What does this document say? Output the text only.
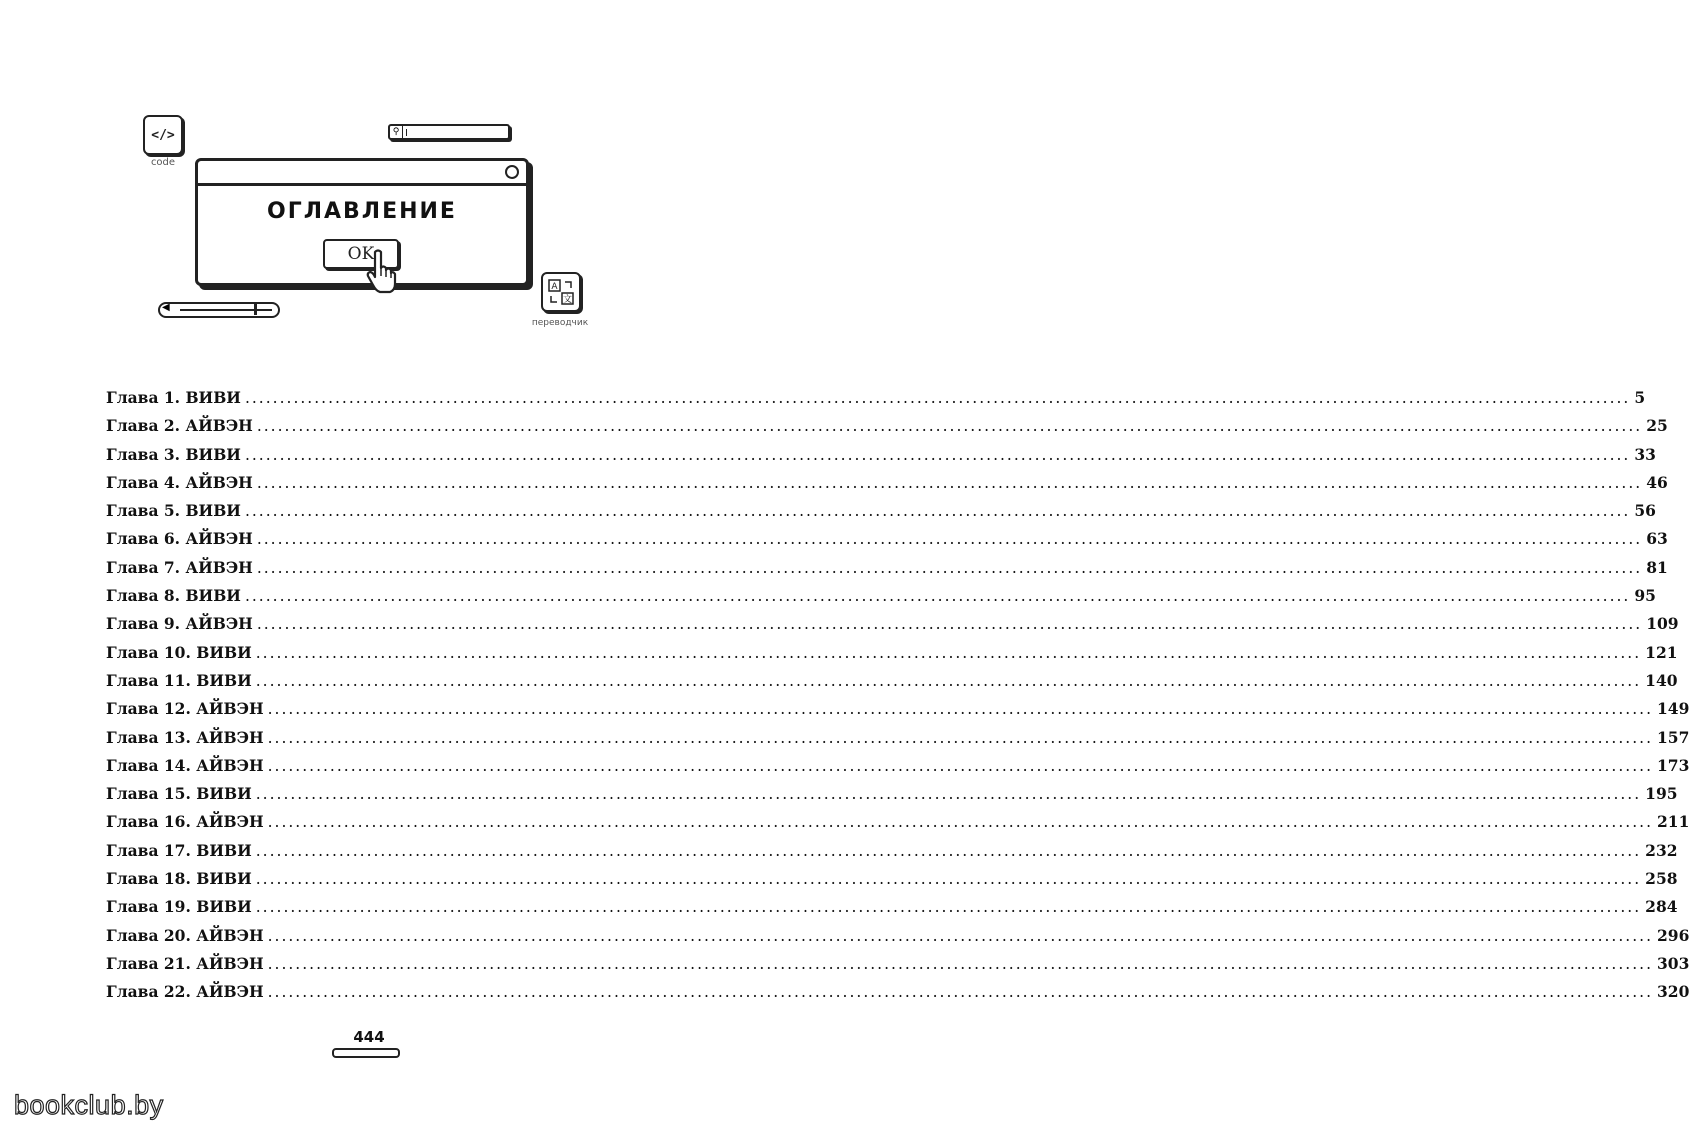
</>
code
⚲
ОГЛАВЛЕНИЕ
OK
◀
A
文
переводчик
Глава 1. ВИВИ ........................................................................................................................................................................................................ 5
Глава 2. АЙВЭН ........................................................................................................................................................................................................ 25
Глава 3. ВИВИ ........................................................................................................................................................................................................ 33
Глава 4. АЙВЭН ........................................................................................................................................................................................................ 46
Глава 5. ВИВИ ........................................................................................................................................................................................................ 56
Глава 6. АЙВЭН ........................................................................................................................................................................................................ 63
Глава 7. АЙВЭН ........................................................................................................................................................................................................ 81
Глава 8. ВИВИ ........................................................................................................................................................................................................ 95
Глава 9. АЙВЭН ........................................................................................................................................................................................................ 109
Глава 10. ВИВИ ........................................................................................................................................................................................................ 121
Глава 11. ВИВИ ........................................................................................................................................................................................................ 140
Глава 12. АЙВЭН ........................................................................................................................................................................................................ 149
Глава 13. АЙВЭН ........................................................................................................................................................................................................ 157
Глава 14. АЙВЭН ........................................................................................................................................................................................................ 173
Глава 15. ВИВИ ........................................................................................................................................................................................................ 195
Глава 16. АЙВЭН ........................................................................................................................................................................................................ 211
Глава 17. ВИВИ ........................................................................................................................................................................................................ 232
Глава 18. ВИВИ ........................................................................................................................................................................................................ 258
Глава 19. ВИВИ ........................................................................................................................................................................................................ 284
Глава 20. АЙВЭН ........................................................................................................................................................................................................ 296
Глава 21. АЙВЭН ........................................................................................................................................................................................................ 303
Глава 22. АЙВЭН ........................................................................................................................................................................................................ 320
444
bookclub.by
